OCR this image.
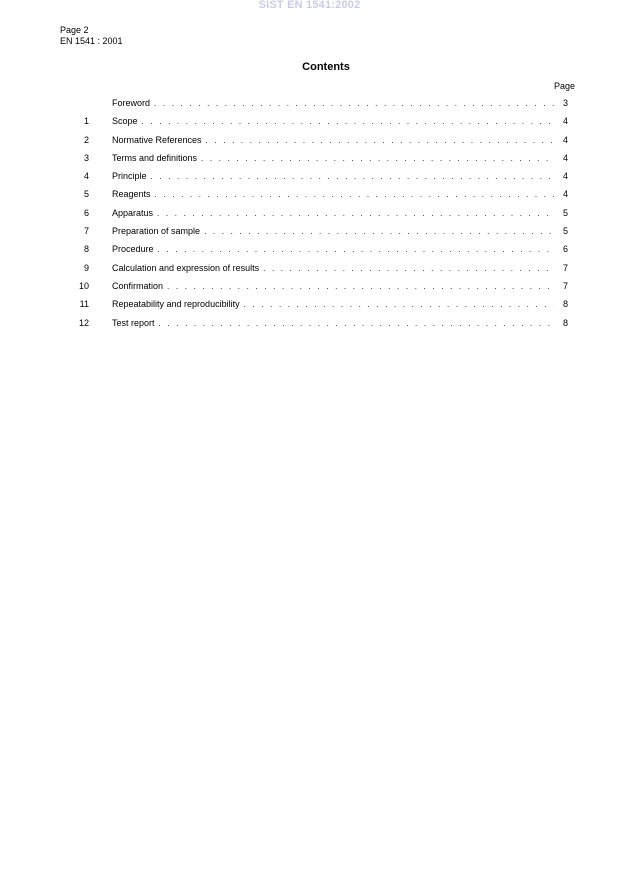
SIST EN 1541:2002
Page 2
EN 1541 : 2001
Contents
Page
Foreword . . .	3
1	Scope . . .	4
2	Normative References . . .	4
3	Terms and definitions . . .	4
4	Principle . . .	4
5	Reagents . . .	4
6	Apparatus . . .	5
7	Preparation of sample . . .	5
8	Procedure . . .	6
9	Calculation and expression of results . . .	7
10	Confirmation . . .	7
11	Repeatability and reproducibility . . .	8
12	Test report . . .	8
